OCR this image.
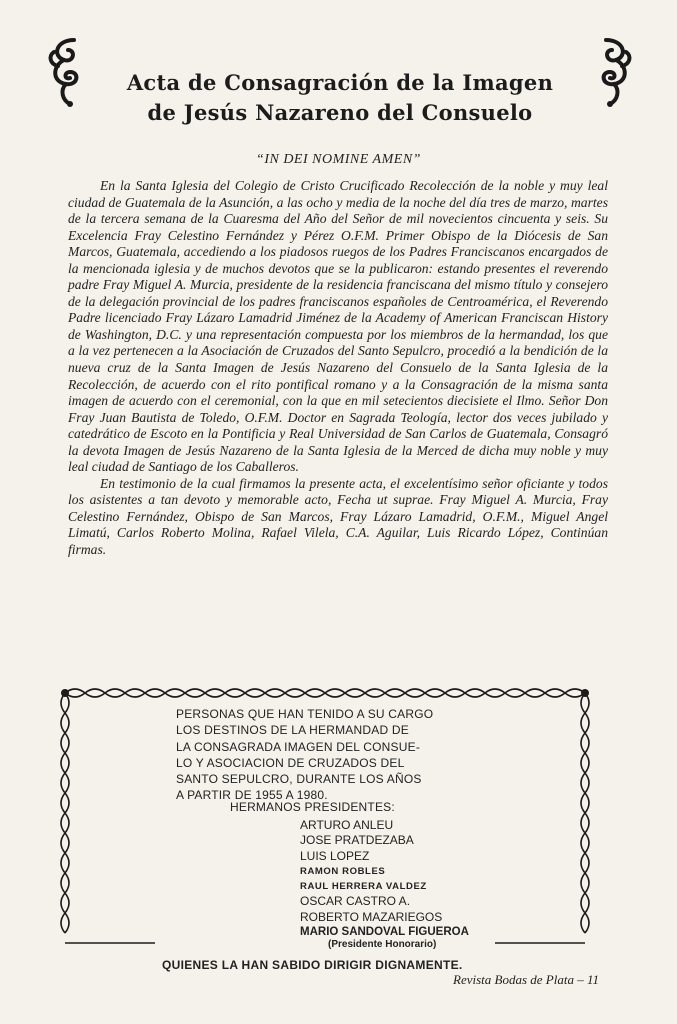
Acta de Consagración de la Imagen
de Jesús Nazareno del Consuelo
“IN DEI NOMINE AMEN”

En la Santa Iglesia del Colegio de Cristo Crucificado Recolección de la noble y muy leal ciudad de Guatemala de la Asunción, a las ocho y media de la noche del día tres de marzo, martes de la tercera semana de la Cuaresma del Año del Señor de mil novecientos cincuenta y seis. Su Excelencia Fray Celestino Fernández y Pérez O.F.M. Primer Obispo de la Diócesis de San Marcos, Guatemala, accediendo a los piadosos ruegos de los Padres Franciscanos encargados de la mencionada iglesia y de muchos devotos que se la publicaron: estando presentes el reverendo padre Fray Miguel A. Murcia, presidente de la residencia franciscana del mismo título y consejero de la delegación provincial de los padres franciscanos españoles de Centroamérica, el Reverendo Padre licenciado Fray Lázaro Lamadrid Jiménez de la Academy of American Franciscan History de Washington, D.C. y una representación compuesta por los miembros de la hermandad, los que a la vez pertenecen a la Asociación de Cruzados del Santo Sepulcro, procedió a la bendición de la nueva cruz de la Santa Imagen de Jesús Nazareno del Consuelo de la Santa Iglesia de la Recolección, de acuerdo con el rito pontifical romano y a la Consagración de la misma santa imagen de acuerdo con el ceremonial, con la que en mil setecientos diecisiete el Ilmo. Señor Don Fray Juan Bautista de Toledo, O.F.M. Doctor en Sagrada Teología, lector dos veces jubilado y catedrático de Escoto en la Pontificia y Real Universidad de San Carlos de Guatemala, Consagró la devota Imagen de Jesús Nazareno de la Santa Iglesia de la Merced de dicha muy noble y muy leal ciudad de Santiago de los Caballeros.

En testimonio de la cual firmamos la presente acta, el excelentísimo señor oficiante y todos los asistentes a tan devoto y memorable acto, Fecha ut suprae. Fray Miguel A. Murcia, Fray Celestino Fernández, Obispo de San Marcos, Fray Lázaro Lamadrid, O.F.M., Miguel Angel Limatú, Carlos Roberto Molina, Rafael Vilela, C.A. Aguilar, Luis Ricardo López, Continúan firmas.

PERSONAS QUE HAN TENIDO A SU CARGO
LOS DESTINOS DE LA HERMANDAD DE
LA CONSAGRADA IMAGEN DEL CONSUE-
LO Y ASOCIACION DE CRUZADOS DEL
SANTO SEPULCRO, DURANTE LOS AÑOS
A PARTIR DE 1955 A 1980.
HERMANOS PRESIDENTES:
ARTURO ANLEU
JOSE PRATDEZABA
LUIS LOPEZ
RAMON ROBLES
RAUL HERRERA VALDEZ
OSCAR CASTRO A.
ROBERTO MAZARIEGOS
MARIO SANDOVAL FIGUEROA
(Presidente Honorario)
QUIENES LA HAN SABIDO DIRIGIR DIGNAMENTE.
Revista Bodas de Plata – 11
